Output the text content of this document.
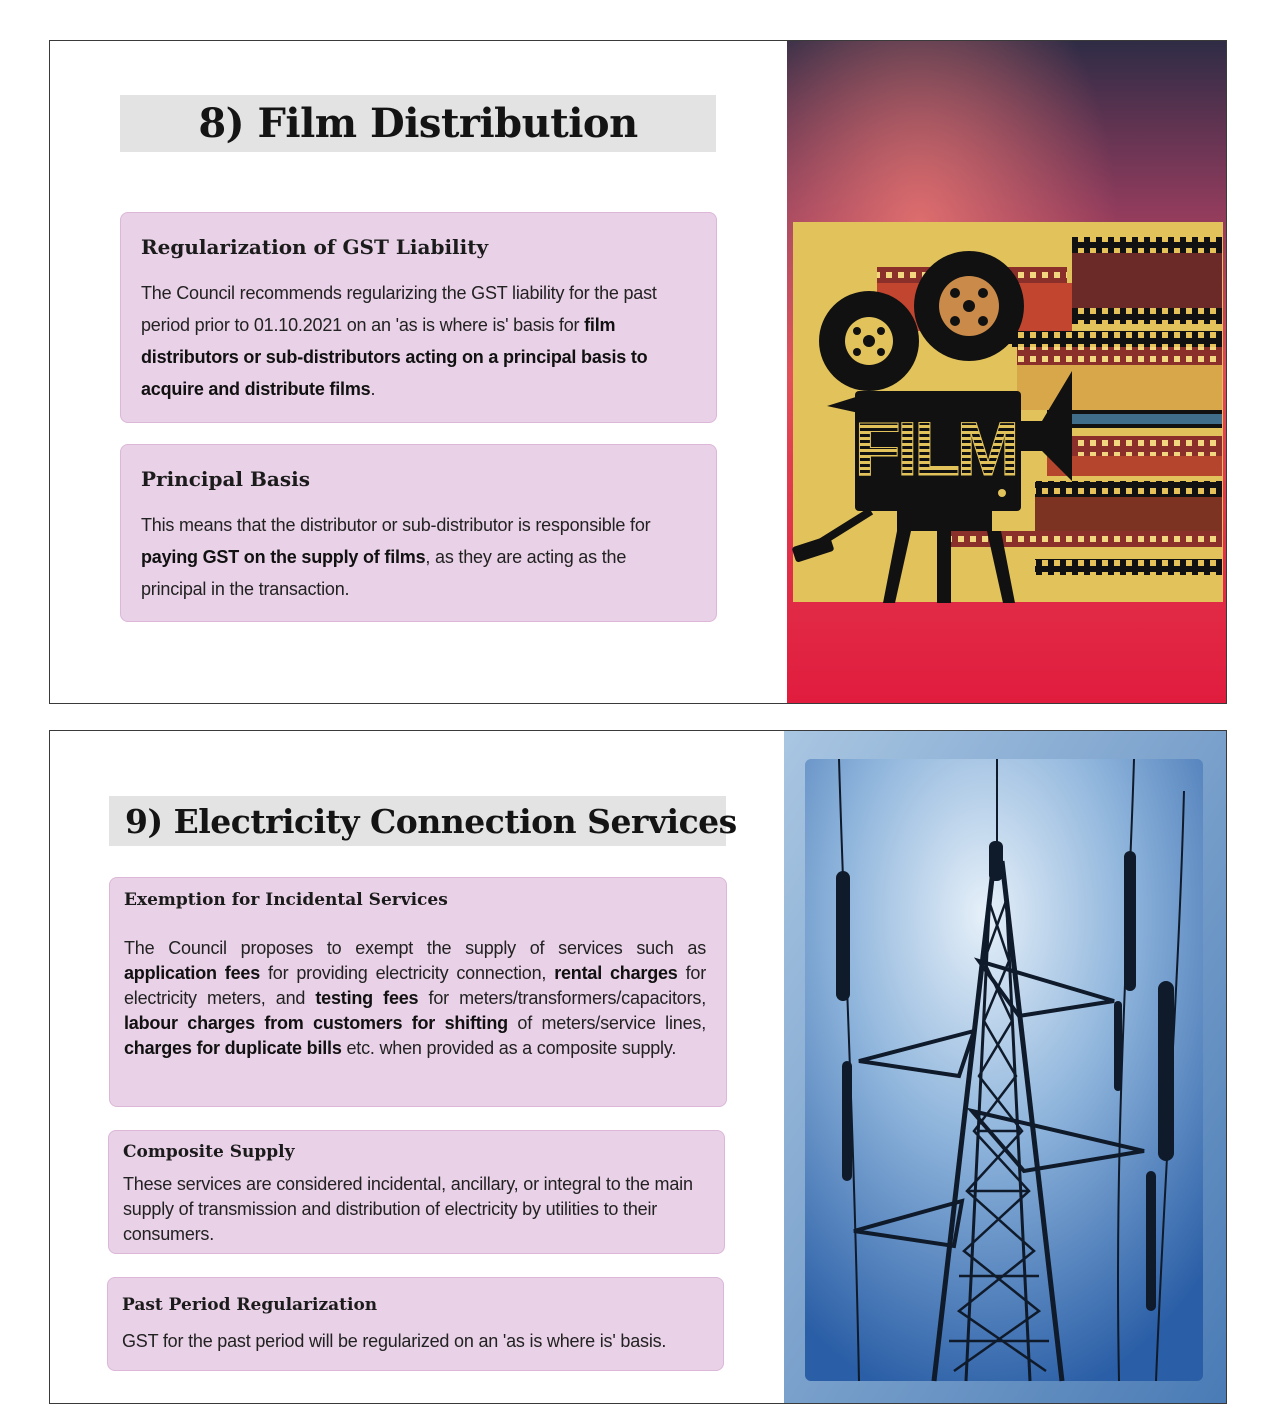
8) Film Distribution
Regularization of GST Liability

The Council recommends regularizing the GST liability for the past period prior to 01.10.2021 on an 'as is where is' basis for film distributors or sub-distributors acting on a principal basis to acquire and distribute films.

Principal Basis

This means that the distributor or sub-distributor is responsible for paying GST on the supply of films, as they are acting as the principal in the transaction.

FILM
9) Electricity Connection Services
Exemption for Incidental Services

The Council proposes to exempt the supply of services such as application fees for providing electricity connection, rental charges for electricity meters, and testing fees for meters/transformers/capacitors, labour charges from customers for shifting of meters/service lines, charges for duplicate bills etc. when provided as a composite supply.

Composite Supply

These services are considered incidental, ancillary, or integral to the main supply of transmission and distribution of electricity by utilities to their consumers.

Past Period Regularization

GST for the past period will be regularized on an 'as is where is' basis.
